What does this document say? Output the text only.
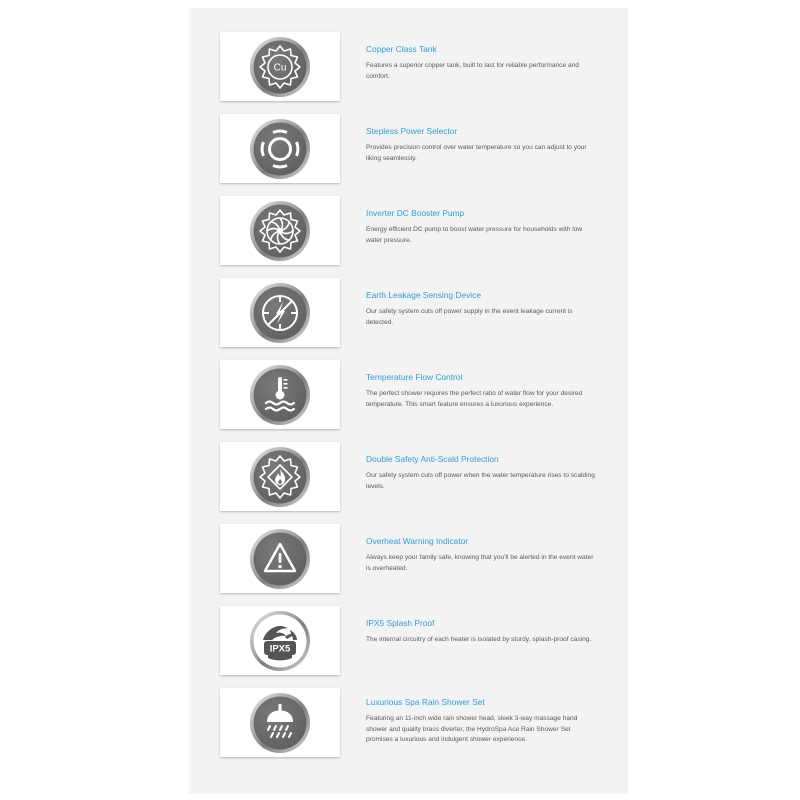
Cu
Copper Class Tank
Features a superior copper tank, built to last for reliable performance and comfort.
Stepless Power Selector
Provides precision control over water temperature so you can adjust to your liking seamlessly.
Inverter DC Booster Pump
Energy efficient DC pump to boost water pressure for households with low water pressure.
Earth Leakage Sensing Device
Our safety system cuts off power supply in the event leakage current is detected.
Temperature Flow Control
The perfect shower requires the perfect ratio of water flow for your desired temperature. This smart feature ensures a luxurious experience.
Double Safety Anti-Scald Protection
Our safety system cuts off power when the water temperature rises to scalding levels.
Overheat Warning Indicator
Always keep your family safe, knowing that you'll be alerted in the event water is overheated.
IPX5
IPX5 Splash Proof
The internal circuitry of each heater is isolated by sturdy, splash-proof casing.
Luxurious Spa Rain Shower Set
Featuring an 11-inch wide rain shower head, sleek 3-way massage hand shower and quality brass diverter, the HydroSpa Ace Rain Shower Set promises a luxurious and indulgent shower experience.
